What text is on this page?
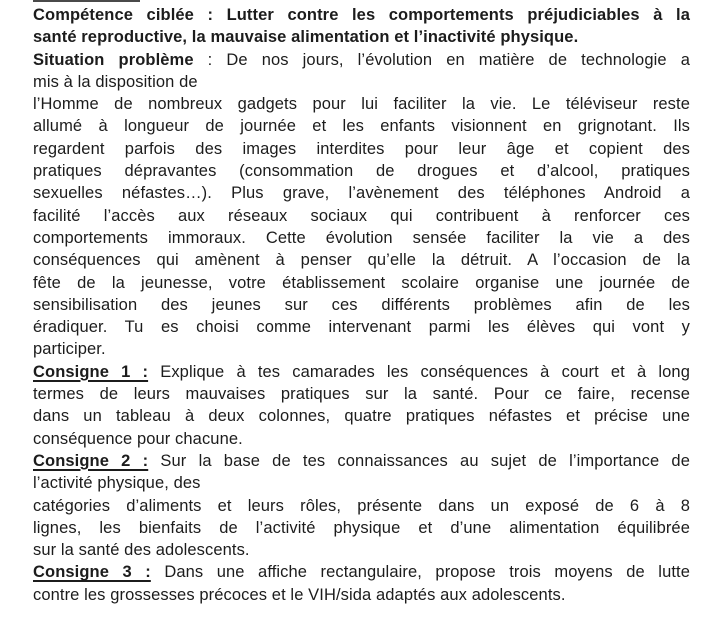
Compétence ciblée : Lutter contre les comportements préjudiciables à la
santé reproductive, la mauvaise alimentation et l’inactivité physique.
Situation problème : De nos jours, l’évolution en matière de technologie a
mis à la disposition de
l’Homme de nombreux gadgets pour lui faciliter la vie. Le téléviseur reste
allumé à longueur de journée et les enfants visionnent en grignotant. Ils
regardent parfois des images interdites pour leur âge et copient des
pratiques dépravantes (consommation de drogues et d’alcool, pratiques
sexuelles néfastes…). Plus grave, l’avènement des téléphones Android a
facilité l’accès aux réseaux sociaux qui contribuent à renforcer ces
comportements immoraux. Cette évolution sensée faciliter la vie a des
conséquences qui amènent à penser qu’elle la détruit. A l’occasion de la
fête de la jeunesse, votre établissement scolaire organise une journée de
sensibilisation des jeunes sur ces différents problèmes afin de les
éradiquer. Tu es choisi comme intervenant parmi les élèves qui vont y
participer.
Consigne 1 : Explique à tes camarades les conséquences à court et à long
termes de leurs mauvaises pratiques sur la santé. Pour ce faire, recense
dans un tableau à deux colonnes, quatre pratiques néfastes et précise une
conséquence pour chacune.
Consigne 2 : Sur la base de tes connaissances au sujet de l’importance de
l’activité physique, des
catégories d’aliments et leurs rôles, présente dans un exposé de 6 à 8
lignes, les bienfaits de l’activité physique et d’une alimentation équilibrée
sur la santé des adolescents.
Consigne 3 : Dans une affiche rectangulaire, propose trois moyens de lutte
contre les grossesses précoces et le VIH/sida adaptés aux adolescents.
